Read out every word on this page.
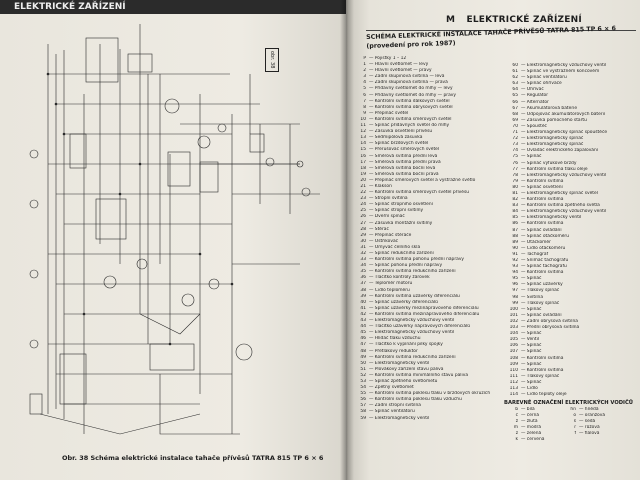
ELEKTRICKÉ ZAŘÍZENÍ
obr. 38
Obr. 38 Schéma elektrické instalace tahače přívěsů TATRA 815 TP 6 × 6
M ELEKTRICKÉ ZAŘÍZENÍ
SCHÉMA ELEKTRICKÉ INSTALACE TAHAČE PŘÍVĚSŮ TATRA 815 TP 6 × 6
(provedení pro rok 1987)
P — Pojistky 1 – 12
1 — Hlavní světlomet — levý
2 — Hlavní světlomet — pravý
3 — Zadní skupinová svítilna — levá
4 — Zadní skupinová svítilna — pravá
5 — Přídavný světlomet do mlhy — levý
6 — Přídavný světlomet do mlhy — pravý
7 — Kontrolní svítilna dálkových světel
8 — Kontrolní svítilna obrysových světel
9 — Přepínač světel
10 — Kontrolní svítilna směrových světel
11 — Spínač přídavných světel do mlhy
12 — Zásuvka osvětlení přívěsu
13 — Sedmipólová zásuvka
14 — Spínač brzdových světel
15 — Přerušovač směrových světel
16 — Směrová svítilna přední levá
17 — Směrová svítilna přední pravá
18 — Směrová svítilna boční levá
19 — Směrová svítilna boční pravá
20 — Přepínač směrových světel a výstražné světlo
21 — Klakson
22 — Kontrolní svítilna směrových světel přívěsu
23 — Stropní svítilna
24 — Spínač stropního osvětlení
25 — Spínač stropní svítilny
26 — Dveřní spínač
27 — Zásuvka montážní svítilny
28 — Stěrač
29 — Přepínač stěrače
30 — Ostřikovač
31 — Omyvač čelního skla
32 — Spínač redukčního zařízení
33 — Kontrolní svítilna pohonu přední nápravy
34 — Spínač pohonu přední nápravy
35 — Kontrolní svítilna redukčního zařízení
36 — Tlačítko kontroly žárovek
37 — Teploměr motoru
38 — Čidlo teploměru
39 — Kontrolní svítilna uzávěrky diferenciálu
40 — Spínač uzávěrky diferenciálů
41 — Spínač uzávěrky mezinápravového diferenciálu
42 — Kontrolní svítilna mezinápravového diferenciálu
43 — Elektromagnetický vzduchový ventil
44 — Tlačítko uzávěrky nápravových diferenciálů
45 — Elektromagnetický vzduchový ventil
46 — Hlídač tlaku vzduchu
47 — Tlačítko k vypínání pilky spojky
48 — Přetlakový reduktor
49 — Kontrolní svítilna redukčního zařízení
50 — Elektromagnetický ventil
51 — Plovákový zařízení stavu paliva
52 — Kontrolní svítilna minimálního stavu paliva
53 — Spínač zpětného světlometu
54 — Zpětný světlomet
55 — Kontrolní svítilna poklesu tlaku v brzdových okruzích
56 — Kontrolní svítilna poklesu tlaku vzduchu
57 — Zadní stropní svítilna
58 — Spínač ventilátoru
59 — Elektromagnetický ventil
60 — Elektromagnetický vzduchový ventil
61 — Spínač ve výstražném koncovém
62 — Spínač ventilátoru
63 — Spínač ohřívače
64 — Ohřívač
65 — Regulátor
66 — Alternátor
67 — Akumulátorová baterie
68 — Odpojovač akumulátorových baterií
69 — Zásuvka pomocného startu
70 — Spouštěč
71 — Elektromagnetický spínač spouštěče
72 — Elektromagnetický spínač
73 — Elektromagnetický spínač
74 — Ovladač elektrického zapalování
75 — Spínač
76 — Spínač výfukové brzdy
77 — Kontrolní svítilna tlaku oleje
78 — Elektromagnetický vzduchový ventil
79 — Kontrolní svítilna
80 — Spínač osvětlení
81 — Elektromagnetický spínač světel
82 — Kontrolní svítilna
83 — Kontrolní svítilna zpětného světla
84 — Elektromagnetický vzduchový ventil
85 — Elektromagnetický ventil
86 — Kontrolní svítilna
87 — Spínač ovládání
88 — Spínač otáčkoměru
89 — Otáčkoměr
90 — Čidlo otáčkoměru
91 — Tachograf
92 — Snímač tachografu
93 — Spínač tachografu
94 — Kontrolní svítilna
95 — Spínač
96 — Spínač uzávěrky
97 — Tlakový spínač
98 — Svítilna
99 — Tlakový spínač
100 — Spínač
101 — Spínač ovládání
102 — Zadní obrysová svítilna
103 — Přední obrysová svítilna
104 — Spínač
105 — Ventil
106 — Spínač
107 — Spínač
108 — Kontrolní svítilna
109 — Spínač
110 — Kontrolní svítilna
111 — Tlakový spínač
112 — Spínač
113 — Čidlo
114 — Čidlo teploty oleje
BAREVNÉ OZNAČENÍ ELEKTRICKÝCH VODIČŮ
b — bílá	hn — hnědá
č — černá	o — oranžová
ž — žlutá	š — šedá
m — modrá	r — růžová
z — zelená	f — fialová
k — červená
